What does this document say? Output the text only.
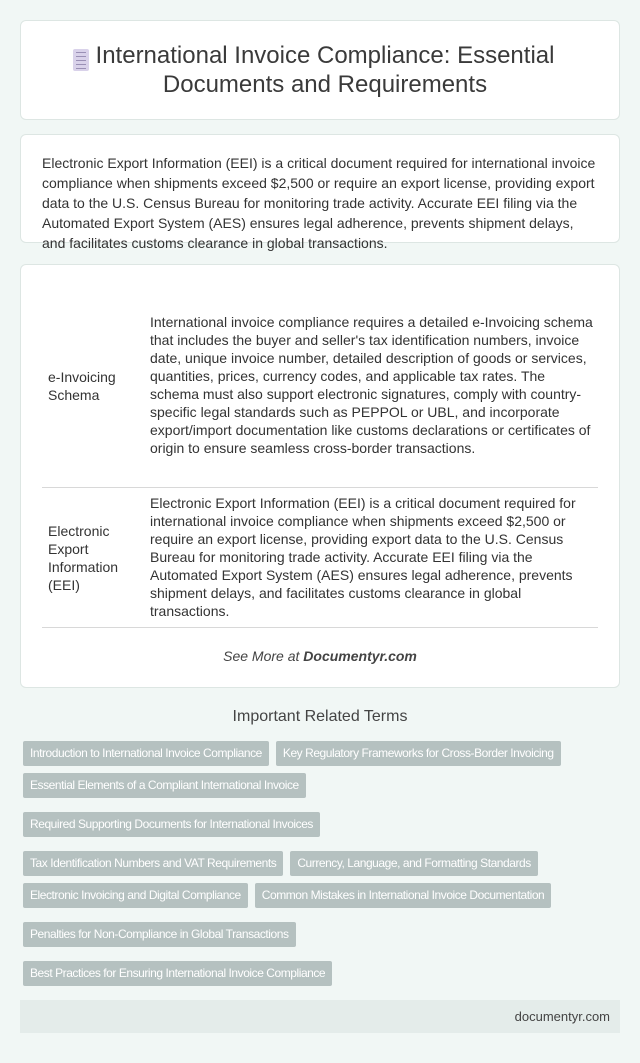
International Invoice Compliance: Essential Documents and Requirements

Electronic Export Information (EEI) is a critical document required for international invoice compliance when shipments exceed $2,500 or require an export license, providing export data to the U.S. Census Bureau for monitoring trade activity. Accurate EEI filing via the Automated Export System (AES) ensures legal adherence, prevents shipment delays, and facilitates customs clearance in global transactions.

e-Invoicing Schema
International invoice compliance requires a detailed e-Invoicing schema that includes the buyer and seller's tax identification numbers, invoice date, unique invoice number, detailed description of goods or services, quantities, prices, currency codes, and applicable tax rates. The schema must also support electronic signatures, comply with country-specific legal standards such as PEPPOL or UBL, and incorporate export/import documentation like customs declarations or certificates of origin to ensure seamless cross-border transactions.
Electronic Export Information (EEI)
Electronic Export Information (EEI) is a critical document required for international invoice compliance when shipments exceed $2,500 or require an export license, providing export data to the U.S. Census Bureau for monitoring trade activity. Accurate EEI filing via the Automated Export System (AES) ensures legal adherence, prevents shipment delays, and facilitates customs clearance in global transactions.
See More at Documentyr.com
Important Related Terms
Introduction to International Invoice Compliance	Key Regulatory Frameworks for Cross-Border Invoicing
Essential Elements of a Compliant International Invoice
Required Supporting Documents for International Invoices
Tax Identification Numbers and VAT Requirements	Currency, Language, and Formatting Standards
Electronic Invoicing and Digital Compliance	Common Mistakes in International Invoice Documentation
Penalties for Non-Compliance in Global Transactions
Best Practices for Ensuring International Invoice Compliance
documentyr.com
